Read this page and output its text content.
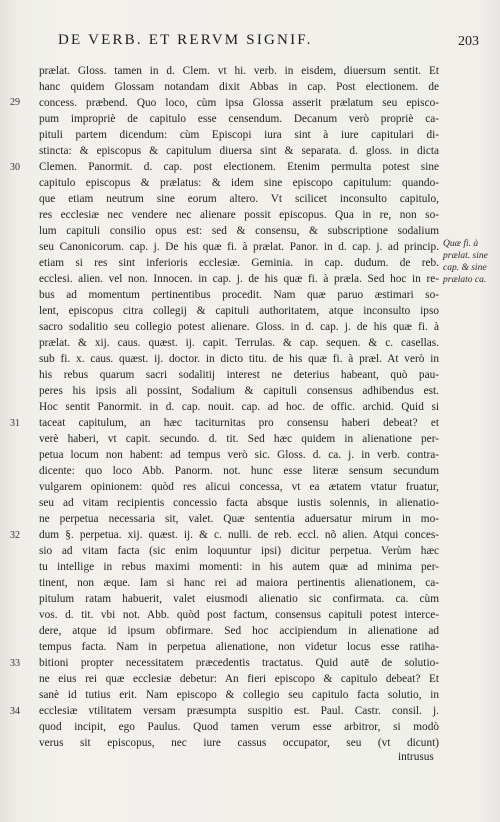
DE VERB. ET RERVM SIGNIF.	203
prælat. Gloss. tamen in d. Clem. vt hi. verb. in eisdem, diuersum sentit. Et
hanc quidem Glossam notandam dixit Abbas in cap. Post electionem. de
concess. præbend. Quo loco, cùm ipsa Glossa asserit prælatum seu episco-
pum impropriè de capitulo esse censendum. Decanum verò propriè ca-
pituli partem dicendum: cùm Episcopi iura sint à iure capitulari di-
stincta: & episcopus & capitulum diuersa sint & separata. d. gloss. in dicta
Clemen. Panormit. d. cap. post electionem. Etenim permulta potest sine
capitulo episcopus & prælatus: & idem sine episcopo capitulum: quando-
que etiam neutrum sine eorum altero. Vt scilicet inconsulto capitulo,
res ecclesiæ nec vendere nec alienare possit episcopus. Qua in re, non so-
lum capituli consilio opus est: sed & consensu, & subscriptione sodalium
seu Canonicorum. cap. j. De his quæ fi. à prælat. Panor. in d. cap. j. ad princip.
etiam si res sint inferioris ecclesiæ. Geminia. in cap. dudum. de reb.
ecclesi. alien. vel non. Innocen. in cap. j. de his quæ fi. à præla. Sed hoc in re-
bus ad momentum pertinentibus procedit. Nam quæ paruo æstimari so-
lent, episcopus citra collegij & capituli authoritatem, atque inconsulto ipso
sacro sodalitio seu collegio potest alienare. Gloss. in d. cap. j. de his quæ fi. à
prælat. & xij. caus. quæst. ij. capit. Terrulas. & cap. sequen. & c. casellas.
sub fi. x. caus. quæst. ij. doctor. in dicto titu. de his quæ fi. à præl. At verò in
his rebus quarum sacri sodalitij interest ne deterius habeant, quò pau-
peres his ipsis ali possint, Sodalium & capituli consensus adhibendus est.
Hoc sentit Panormit. in d. cap. nouit. cap. ad hoc. de offic. archid. Quid si
taceat capitulum, an hæc taciturnitas pro consensu haberi debeat? et
verè haberi, vt capit. secundo. d. tit. Sed hæc quidem in alienatione per-
petua locum non habent: ad tempus verò sic. Gloss. d. ca. j. in verb. contra-
dicente: quo loco Abb. Panorm. not. hunc esse literæ sensum secundum
vulgarem opinionem: quòd res alicui concessa, vt ea ætatem vtatur fruatur,
seu ad vitam recipientis concessio facta absque iustis solennis, in alienatio-
ne perpetua necessaria sit, valet. Quæ sententia aduersatur mirum in mo-
dum §. perpetua. xij. quæst. ij. & c. nulli. de reb. eccl. nõ alien. Atqui conces-
sio ad vitam facta (sic enim loquuntur ipsi) dicitur perpetua. Verùm hæc
tu intellige in rebus maximi momenti: in his autem quæ ad minima per-
tinent, non æque. Iam si hanc rei ad maiora pertinentis alienationem, ca-
pitulum ratam habuerit, valet eiusmodi alienatio sic confirmata. ca. cùm
vos. d. tit. vbi not. Abb. quòd post factum, consensus capituli potest interce-
dere, atque id ipsum obfirmare. Sed hoc accipiendum in alienatione ad
tempus facta. Nam in perpetua alienatione, non videtur locus esse ratiha-
bitioni propter necessitatem præcedentis tractatus. Quid autē de solutio-
ne eius rei quæ ecclesiæ debetur: An fieri episcopo & capitulo debeat? Et
sanè id tutius erit. Nam episcopo & collegio seu capitulo facta solutio, in
ecclesiæ vtilitatem versam præsumpta suspitio est. Paul. Castr. consil. j.
quod incipit, ego Paulus. Quod tamen verum esse arbitror, si modò
verus sit episcopus, nec iure cassus occupator, seu (vt dicunt)
intrusus
29
30
31
32
33
34
Quæ fi. à
prælat. sine
cap. & sine
prælato ca.
